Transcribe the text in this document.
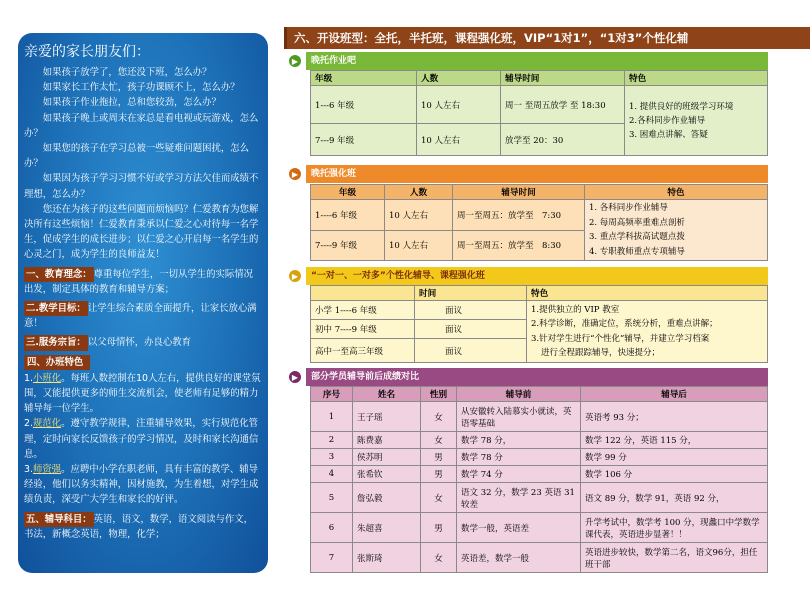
亲爱的家长朋友们：

如果孩子放学了，您还没下班，怎么办？

如果家长工作太忙，孩子功课顾不上，怎么办？

如果孩子作业拖拉，总和您较劲，怎么办？

如果孩子晚上或周末在家总是看电视或玩游戏，怎么办？

如果您的孩子在学习总被一些疑难问题困扰，怎么办？

如果因为孩子学习习惯不好或学习方法欠佳而成绩不理想，怎么办？

您还在为孩子的这些问题而烦恼吗？仁爱教育为您解决所有这些烦恼！仁爱教育秉承以仁爱之心对待每一名学生，促成学生的成长进步；以仁爱之心开启每一名学生的心灵之门，成为学生的良师益友！

一、教育理念： 尊重每位学生，一切从学生的实际情况出发，制定具体的教育和辅导方案；
二.教学目标： 让学生综合素质全面提升，让家长放心满意！
三.服务宗旨： 以父母情怀，办良心教育
四、办班特色
1.小班化。每班人数控制在10人左右，提供良好的课堂氛围，又能提供更多的师生交流机会，使老师有足够的精力辅导每一位学生。
2.规范化。遵守教学规律，注重辅导效果，实行规范化管理，定时向家长反馈孩子的学习情况，及时和家长沟通信息。
3.师资强。应聘中小学在职老师，具有丰富的教学、辅导经验，他们以务实精神，因材施教，为生着想，对学生成绩负责，深受广大学生和家长的好评。
五、辅导科目： 英语，语文，数学，语文阅读与作文，书法，新概念英语，物理，化学；
六、开设班型：全托，半托班，课程强化班，VIP“1对1”，“1对3”个性化辅
▶	晚托作业吧
年级	人数	辅导时间	特色
1---6 年级	10 人左右	周一 至周五放学 至 18:30	1. 提供良好的班级学习环境
2.各科同步作业辅导
3. 困难点讲解、答疑

7---9 年级	10 人左右	放学至 20：30	
▶	晚托强化班
年级	人数	辅导时间	特色
1----6 年级	10 人左右	周一至周五：放学至　7:30	1. 各科同步作业辅导
2. 每周高频率重难点剖析
3. 重点学科拔高试题点拨
4. 专职教师重点专项辅导

7----9 年级	10 人左右	周一至周五：放学至　8:30	
▶	“一对一、一对多”个性化辅导、课程强化班
	时间	特色
小学 1----6 年级	面议	1.提供独立的 VIP 教室
2.科学诊断，准确定位，系统分析，重难点讲解；
3.针对学生进行“个性化”辅导，并建立学习档案
进行全程跟踪辅导，快速提分；

初中 7----9 年级	面议	
高中一至高三年级	面议	
▶	部分学员辅导前后成绩对比
序号	姓名	性别	辅导前	辅导后
1	王子瑶	女	从安徽转入陆慕实小就读，英语零基础	英语考 93 分；
2	陈费嘉	女	数学 78 分，	数学 122 分，英语 115 分，
3	侯苏明	男	数学 78 分	数学 99 分
4	张希钦	男	数学 74 分	数学 106 分
5	詹弘毅	女	语文 32 分，数学 23 英语 31较差	语文 89 分，数学 91，英语 92 分，
6	朱超喜	男	数学一般，英语差	升学考试中，数学考 100 分，现蠡口中学数学课代表，英语进步显著！！
7	张斯琦	女	英语差，数学一般	英语进步较快，数学第二名，语文96分，担任班干部
